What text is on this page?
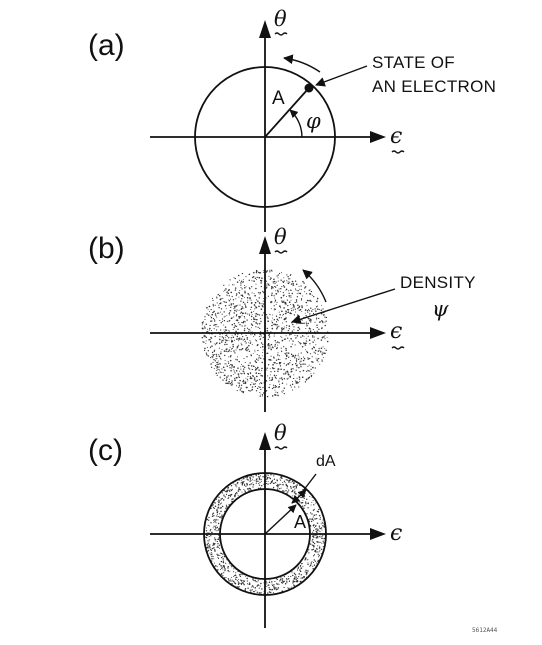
(a)
θ
ϵ
A
φ
STATE OF
AN ELECTRON
(b)	θ
ϵ
DENSITY
ψ
(c)
θ
ϵ
A
dA
5612A44
